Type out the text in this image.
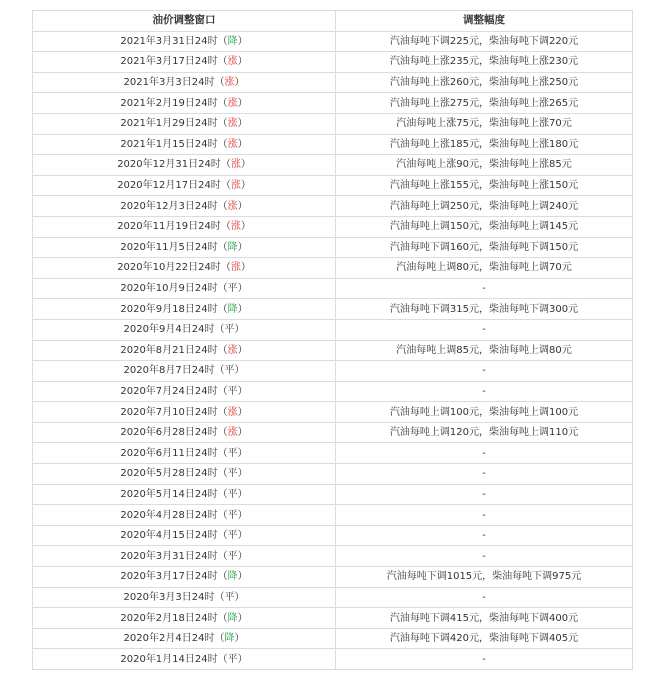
油价调整窗口	调整幅度
2021年3月31日24时（降）	汽油每吨下调225元，柴油每吨下调220元
2021年3月17日24时（涨）	汽油每吨上涨235元，柴油每吨上涨230元
2021年3月3日24时（涨）	汽油每吨上涨260元，柴油每吨上涨250元
2021年2月19日24时（涨）	汽油每吨上涨275元，柴油每吨上涨265元
2021年1月29日24时（涨）	汽油每吨上涨75元，柴油每吨上涨70元
2021年1月15日24时（涨）	汽油每吨上涨185元，柴油每吨上涨180元
2020年12月31日24时（涨）	汽油每吨上涨90元，柴油每吨上涨85元
2020年12月17日24时（涨）	汽油每吨上涨155元，柴油每吨上涨150元
2020年12月3日24时（涨）	汽油每吨上调250元，柴油每吨上调240元
2020年11月19日24时（涨）	汽油每吨上调150元，柴油每吨上调145元
2020年11月5日24时（降）	汽油每吨下调160元，柴油每吨下调150元
2020年10月22日24时（涨）	汽油每吨上调80元，柴油每吨上调70元
2020年10月9日24时（平）	-
2020年9月18日24时（降）	汽油每吨下调315元，柴油每吨下调300元
2020年9月4日24时（平）	-
2020年8月21日24时（涨）	汽油每吨上调85元，柴油每吨上调80元
2020年8月7日24时（平）	-
2020年7月24日24时（平）	-
2020年7月10日24时（涨）	汽油每吨上调100元，柴油每吨上调100元
2020年6月28日24时（涨）	汽油每吨上调120元，柴油每吨上调110元
2020年6月11日24时（平）	-
2020年5月28日24时（平）	-
2020年5月14日24时（平）	-
2020年4月28日24时（平）	-
2020年4月15日24时（平）	-
2020年3月31日24时（平）	-
2020年3月17日24时（降）	汽油每吨下调1015元，柴油每吨下调975元
2020年3月3日24时（平）	-
2020年2月18日24时（降）	汽油每吨下调415元，柴油每吨下调400元
2020年2月4日24时（降）	汽油每吨下调420元，柴油每吨下调405元
2020年1月14日24时（平）	-
